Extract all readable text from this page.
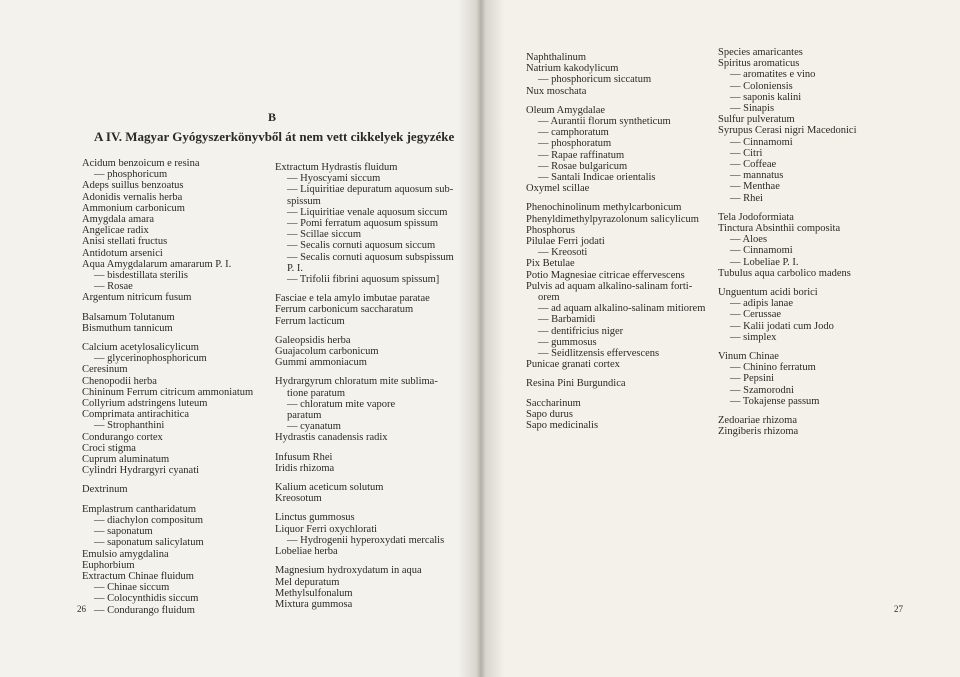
B
A IV. Magyar Gyógyszerkönyvből át nem vett cikkelyek jegyzéke
Acidum benzoicum e resina
— phosphoricum
Adeps suillus benzoatus
Adonidis vernalis herba
Ammonium carbonicum
Amygdala amara
Angelicae radix
Anisi stellati fructus
Antidotum arsenici
Aqua Amygdalarum amararum P. I.
— bisdestillata sterilis
— Rosae
Argentum nitricum fusum
Balsamum Tolutanum
Bismuthum tannicum
Calcium acetylosalicylicum
— glycerinophosphoricum
Ceresinum
Chenopodii herba
Chininum Ferrum citricum ammoniatum
Collyrium adstringens luteum
Comprimata antirachitica
— Strophanthini
Condurango cortex
Croci stigma
Cuprum aluminatum
Cylindri Hydrargyri cyanati
Dextrinum
Emplastrum cantharidatum
— diachylon compositum
— saponatum
— saponatum salicylatum
Emulsio amygdalina
Euphorbium
Extractum Chinae fluidum
— Chinae siccum
— Colocynthidis siccum
— Condurango fluidum
Extractum Hydrastis fluidum
— Hyoscyami siccum
— Liquiritiae depuratum aquosum sub-
spissum
— Liquiritiae venale aquosum siccum
— Pomi ferratum aquosum spissum
— Scillae siccum
— Secalis cornuti aquosum siccum
— Secalis cornuti aquosum subspissum
P. I.
— Trifolii fibrini aquosum spissum]
Fasciae e tela amylo imbutae paratae
Ferrum carbonicum saccharatum
Ferrum lacticum
Galeopsidis herba
Guajacolum carbonicum
Gummi ammoniacum
Hydrargyrum chloratum mite sublima-
tione paratum
— chloratum mite vapore
paratum
— cyanatum
Hydrastis canadensis radix
Infusum Rhei
Iridis rhizoma
Kalium aceticum solutum
Kreosotum
Linctus gummosus
Liquor Ferri oxychlorati
— Hydrogenii hyperoxydati mercalis
Lobeliae herba
Magnesium hydroxydatum in aqua
Mel depuratum
Methylsulfonalum
Mixtura gummosa
26
Naphthalinum
Natrium kakodylicum
— phosphoricum siccatum
Nux moschata
Oleum Amygdalae
— Aurantii florum syntheticum
— camphoratum
— phosphoratum
— Rapae raffinatum
— Rosae bulgaricum
— Santali Indicae orientalis
Oxymel scillae
Phenochinolinum methylcarbonicum
Phenyldimethylpyrazolonum salicylicum
Phosphorus
Pilulae Ferri jodati
— Kreosoti
Pix Betulae
Potio Magnesiae citricae effervescens
Pulvis ad aquam alkalino-salinam forti-
orem
— ad aquam alkalino-salinam mitiorem
— Barbamidi
— dentifricius niger
— gummosus
— Seidlitzensis effervescens
Punicae granati cortex
Resina Pini Burgundica
Saccharinum
Sapo durus
Sapo medicinalis
Species amaricantes
Spiritus aromaticus
— aromatites e vino
— Coloniensis
— saponis kalini
— Sinapis
Sulfur pulveratum
Syrupus Cerasi nigri Macedonici
— Cinnamomi
— Citri
— Coffeae
— mannatus
— Menthae
— Rhei
Tela Jodoformiata
Tinctura Absinthii composita
— Aloes
— Cinnamomi
— Lobeliae P. I.
Tubulus aqua carbolico madens
Unguentum acidi borici
— adipis lanae
— Cerussae
— Kalii jodati cum Jodo
— simplex
Vinum Chinae
— Chinino ferratum
— Pepsini
— Szamorodni
— Tokajense passum
Zedoariae rhizoma
Zingiberis rhizoma
27
